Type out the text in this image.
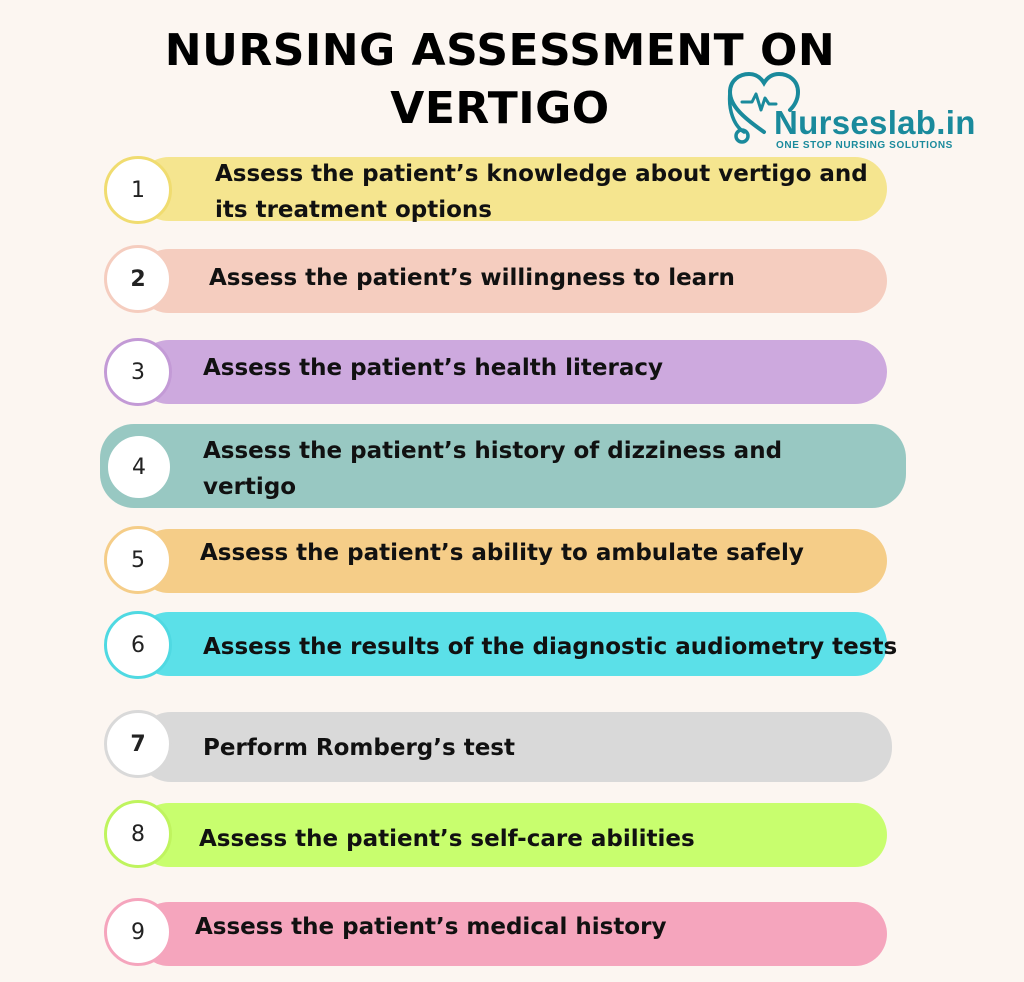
NURSING ASSESSMENT ON
VERTIGO	Nurseslab.in
ONE STOP NURSING SOLUTIONS
1
Assess the patient’s knowledge about vertigo and
its treatment options
2	Assess the patient’s willingness to learn
3	Assess the patient’s health literacy
4
Assess the patient’s history of dizziness and
vertigo
5	Assess the patient’s ability to ambulate safely
6	Assess the results of the diagnostic audiometry tests
7	Perform Romberg’s test
8	Assess the patient’s self-care abilities
9	Assess the patient’s medical history
